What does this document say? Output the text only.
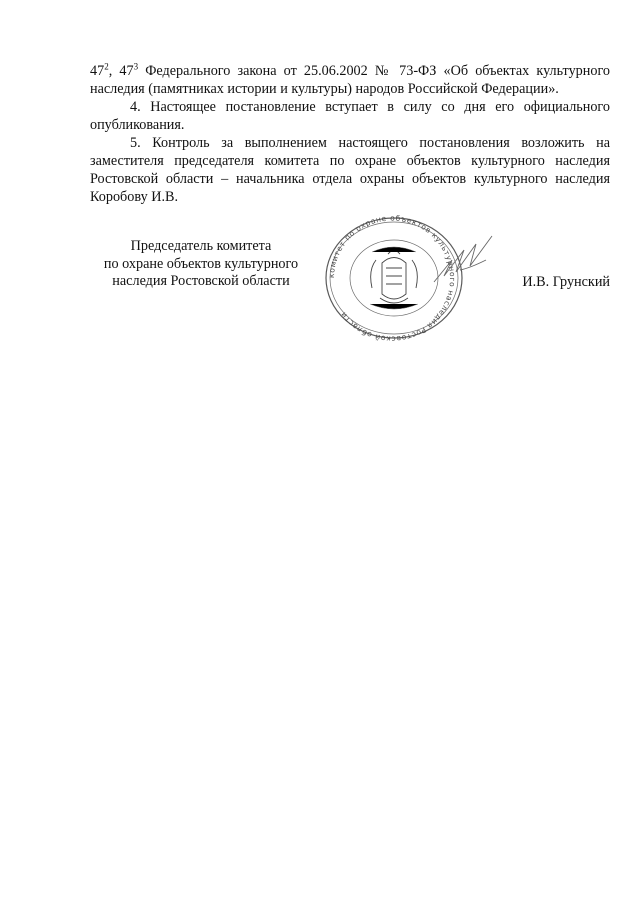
$47^2$, $47^3$ Федерального закона от 25.06.2002 № 73-ФЗ «Об объектах культурного наследия (памятниках истории и культуры) народов Российской Федерации».

4. Настоящее постановление вступает в силу со дня его официального опубликования.

5. Контроль за выполнением настоящего постановления возложить на заместителя председателя комитета по охране объектов культурного наследия Ростовской области – начальника отдела охраны объектов культурного наследия Коробову И.В.

Председатель комитета
по охране объектов культурного
наследия Ростовской области	комитет по охране объектов культурного наследия Ростовской области
И.В. Грунский
